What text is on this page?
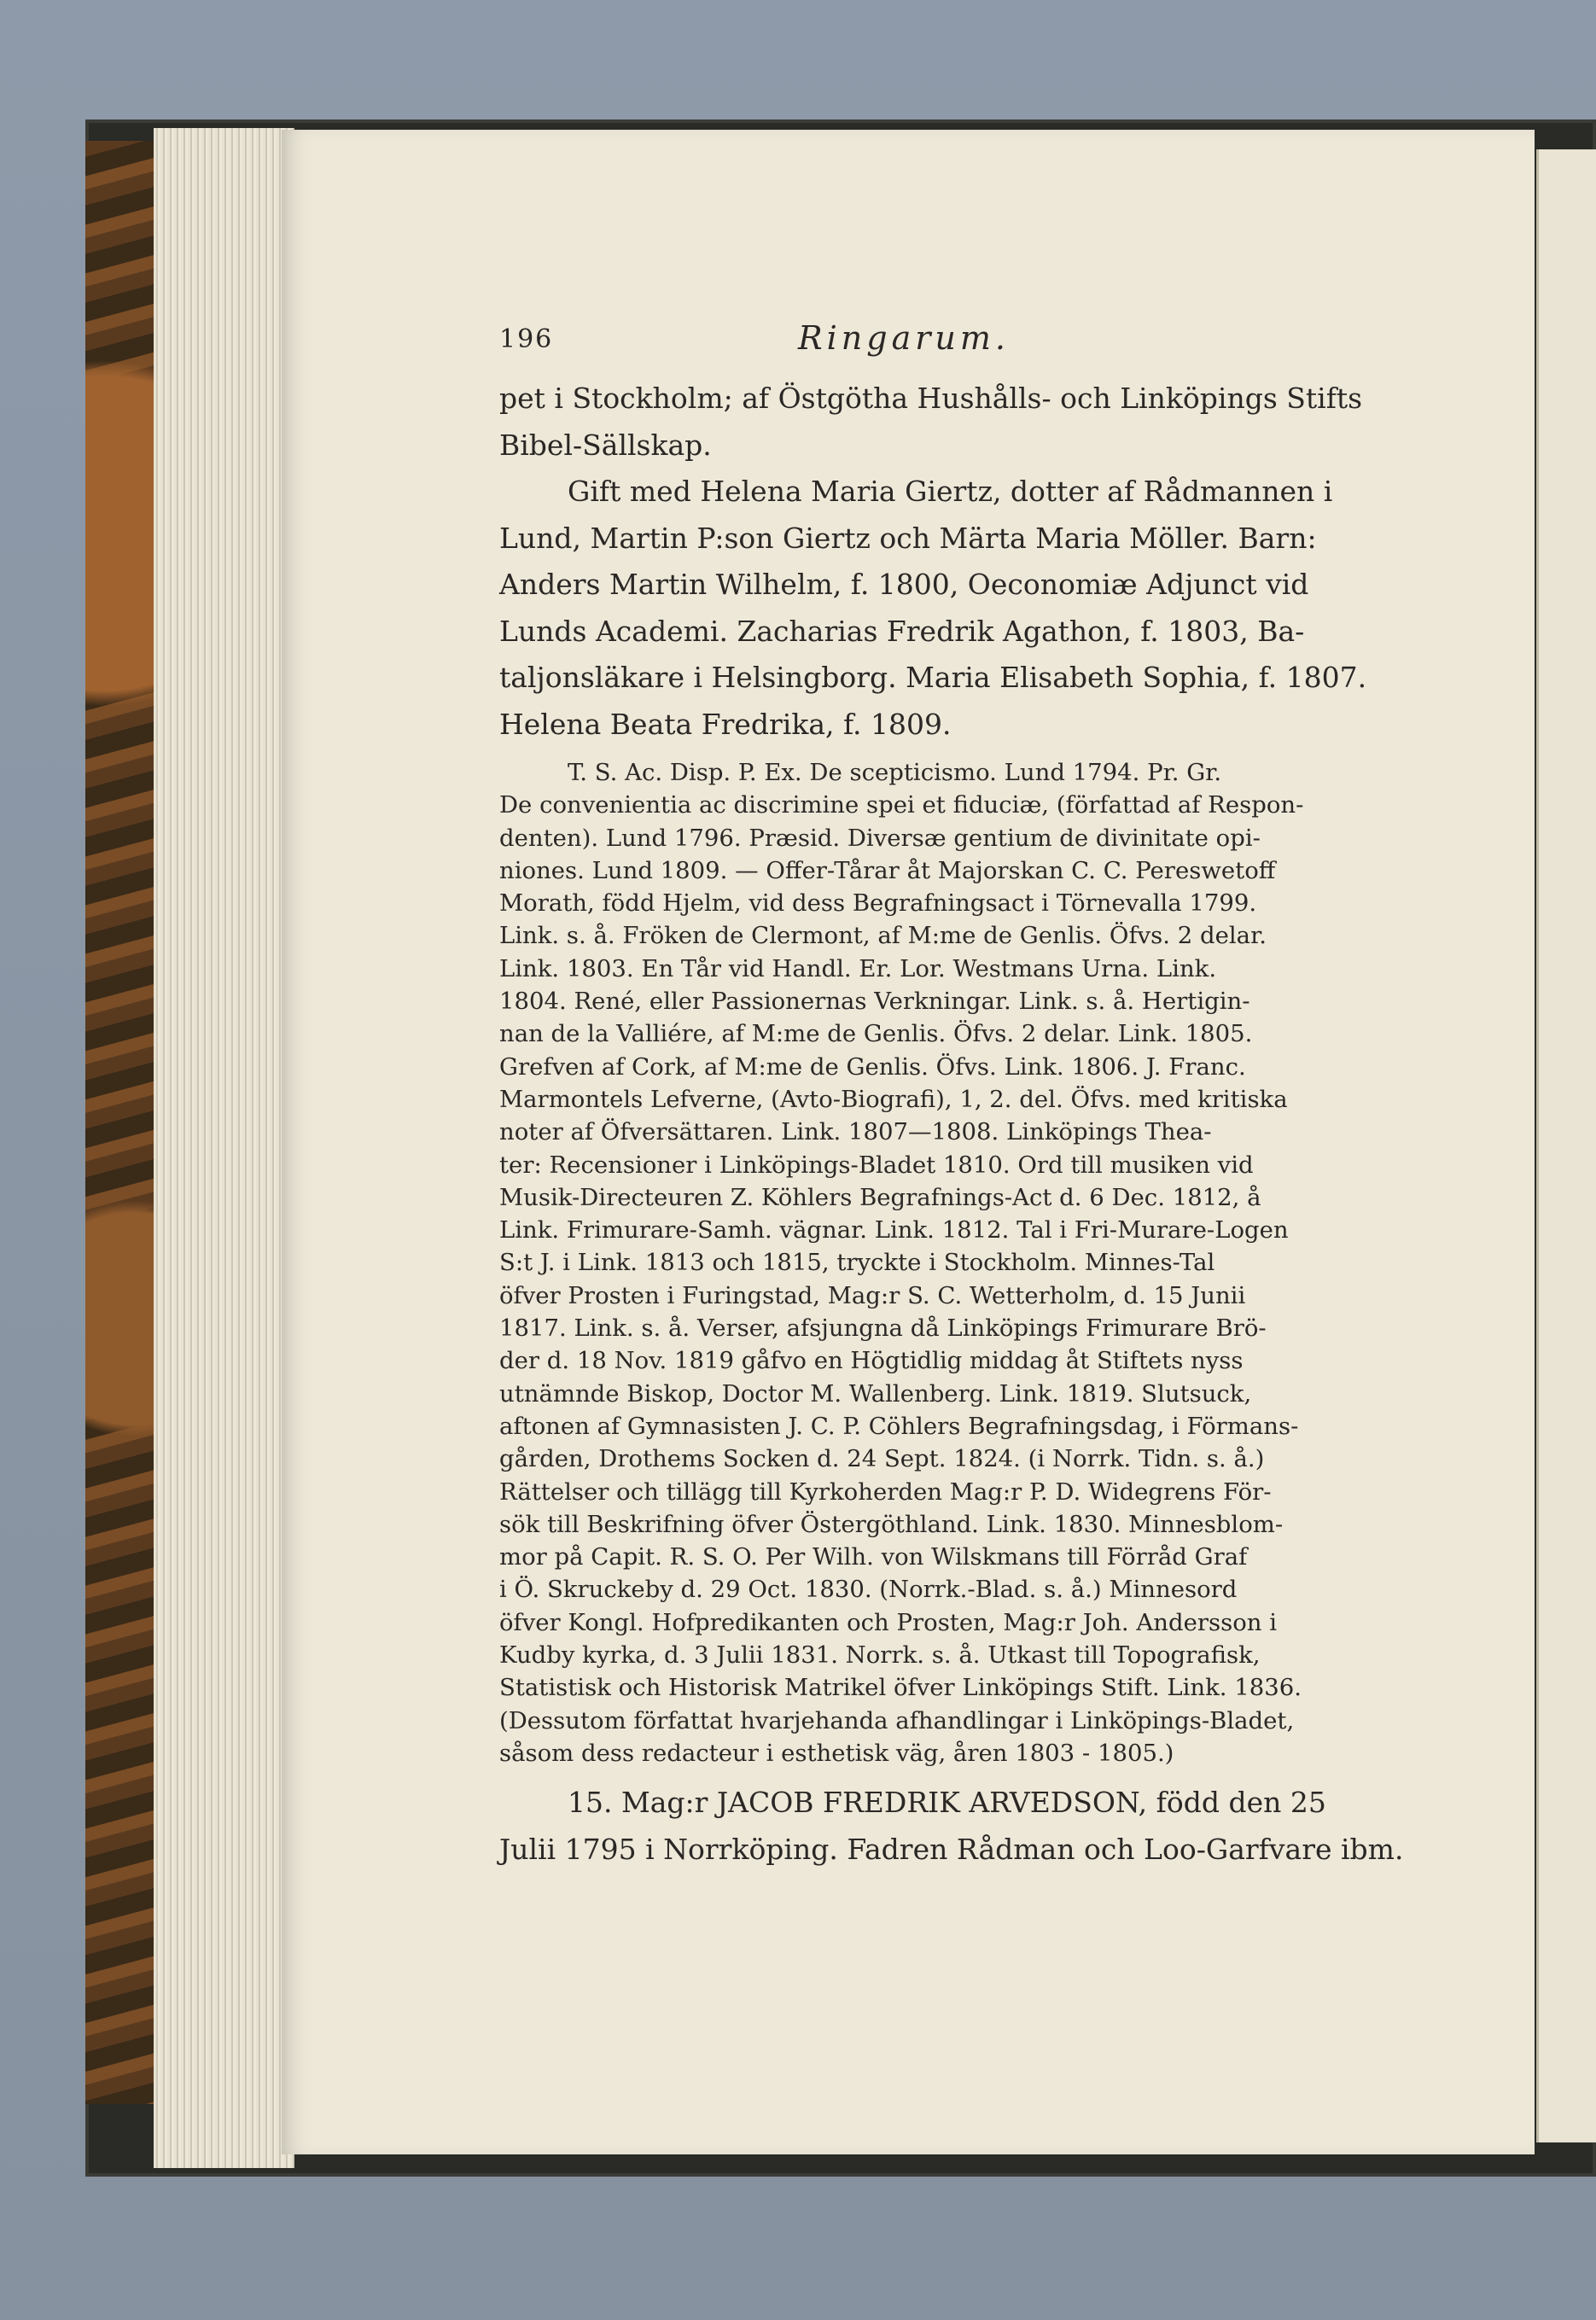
196	Ringarum.

pet i Stockholm; af Östgötha Hushålls- och Linköpings Stifts
Bibel-Sällskap.

Gift med Helena Maria Giertz, dotter af Rådmannen i
Lund, Martin P:son Giertz och Märta Maria Möller. Barn:
Anders Martin Wilhelm, f. 1800, Oeconomiæ Adjunct vid
Lunds Academi. Zacharias Fredrik Agathon, f. 1803, Ba-
taljonsläkare i Helsingborg. Maria Elisabeth Sophia, f. 1807.
Helena Beata Fredrika, f. 1809.

T. S. Ac. Disp. P. Ex. De scepticismo. Lund 1794. Pr. Gr.
De convenientia ac discrimine spei et fiduciæ, (författad af Respon-
denten). Lund 1796. Præsid. Diversæ gentium de divinitate opi-
niones. Lund 1809. — Offer-Tårar åt Majorskan C. C. Pereswetoff
Morath, född Hjelm, vid dess Begrafningsact i Törnevalla 1799.
Link. s. å. Fröken de Clermont, af M:me de Genlis. Öfvs. 2 delar.
Link. 1803. En Tår vid Handl. Er. Lor. Westmans Urna. Link.
1804. René, eller Passionernas Verkningar. Link. s. å. Hertigin-
nan de la Valliére, af M:me de Genlis. Öfvs. 2 delar. Link. 1805.
Grefven af Cork, af M:me de Genlis. Öfvs. Link. 1806. J. Franc.
Marmontels Lefverne, (Avto-Biografi), 1, 2. del. Öfvs. med kritiska
noter af Öfversättaren. Link. 1807—1808. Linköpings Thea-
ter: Recensioner i Linköpings-Bladet 1810. Ord till musiken vid
Musik-Directeuren Z. Köhlers Begrafnings-Act d. 6 Dec. 1812, å
Link. Frimurare-Samh. vägnar. Link. 1812. Tal i Fri-Murare-Logen
S:t J. i Link. 1813 och 1815, tryckte i Stockholm. Minnes-Tal
öfver Prosten i Furingstad, Mag:r S. C. Wetterholm, d. 15 Junii
1817. Link. s. å. Verser, afsjungna då Linköpings Frimurare Brö-
der d. 18 Nov. 1819 gåfvo en Högtidlig middag åt Stiftets nyss
utnämnde Biskop, Doctor M. Wallenberg. Link. 1819. Slutsuck,
aftonen af Gymnasisten J. C. P. Cöhlers Begrafningsdag, i Förmans-
gården, Drothems Socken d. 24 Sept. 1824. (i Norrk. Tidn. s. å.)
Rättelser och tillägg till Kyrkoherden Mag:r P. D. Widegrens För-
sök till Beskrifning öfver Östergöthland. Link. 1830. Minnesblom-
mor på Capit. R. S. O. Per Wilh. von Wilskmans till Förråd Graf
i Ö. Skruckeby d. 29 Oct. 1830. (Norrk.-Blad. s. å.) Minnesord
öfver Kongl. Hofpredikanten och Prosten, Mag:r Joh. Andersson i
Kudby kyrka, d. 3 Julii 1831. Norrk. s. å. Utkast till Topografisk,
Statistisk och Historisk Matrikel öfver Linköpings Stift. Link. 1836.
(Dessutom författat hvarjehanda afhandlingar i Linköpings-Bladet,
såsom dess redacteur i esthetisk väg, åren 1803 - 1805.)

15. Mag:r JACOB FREDRIK ARVEDSON, född den 25
Julii 1795 i Norrköping. Fadren Rådman och Loo-Garfvare ibm.
